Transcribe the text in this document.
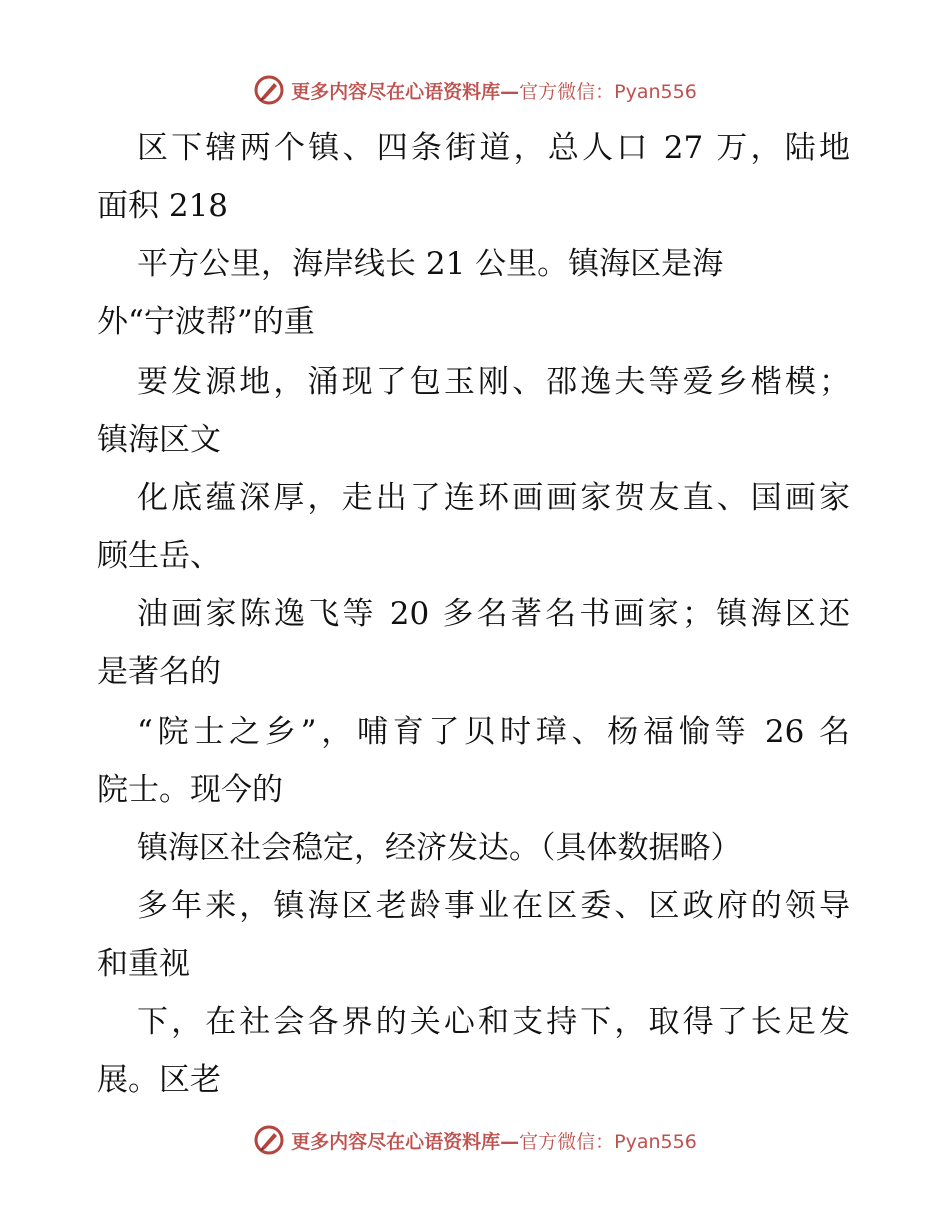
更多内容尽在心语资料库—官方微信：Pyan556
区下辖两个镇、四条街道，总人口 27 万，陆地
面积 218
平方公里，海岸线长 21 公里。镇海区是海
外“宁波帮”的重
要发源地，涌现了包玉刚、邵逸夫等爱乡楷模；
镇海区文
化底蕴深厚，走出了连环画画家贺友直、国画家
顾生岳、
油画家陈逸飞等 20 多名著名书画家；镇海区还
是著名的
“院士之乡”，哺育了贝时璋、杨福愉等 26 名
院士。现今的
镇海区社会稳定，经济发达。（具体数据略）
多年来，镇海区老龄事业在区委、区政府的领导
和重视
下，在社会各界的关心和支持下，取得了长足发
展。区老
更多内容尽在心语资料库—官方微信：Pyan556
